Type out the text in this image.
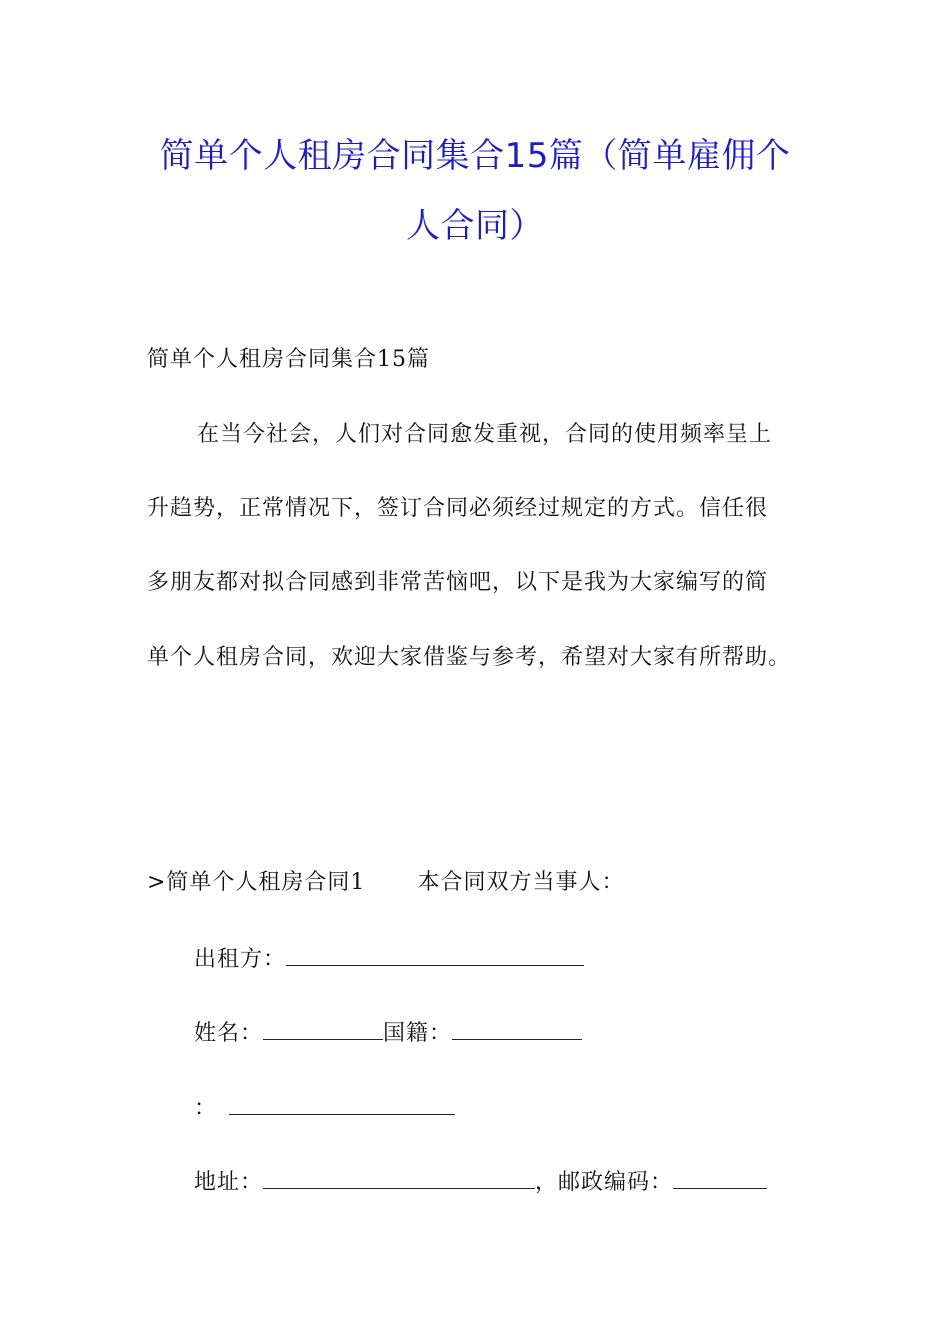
简单个人租房合同集合15篇（简单雇佣个
人合同）
简单个人租房合同集合15篇
在当今社会，人们对合同愈发重视，合同的使用频率呈上
升趋势，正常情况下，签订合同必须经过规定的方式。信任很
多朋友都对拟合同感到非常苦恼吧，以下是我为大家编写的简
单个人租房合同，欢迎大家借鉴与参考，希望对大家有所帮助。
>简单个人租房合同1 本合同双方当事人：
出租方：
姓名：	国籍：
：
地址：	，邮政编码：
